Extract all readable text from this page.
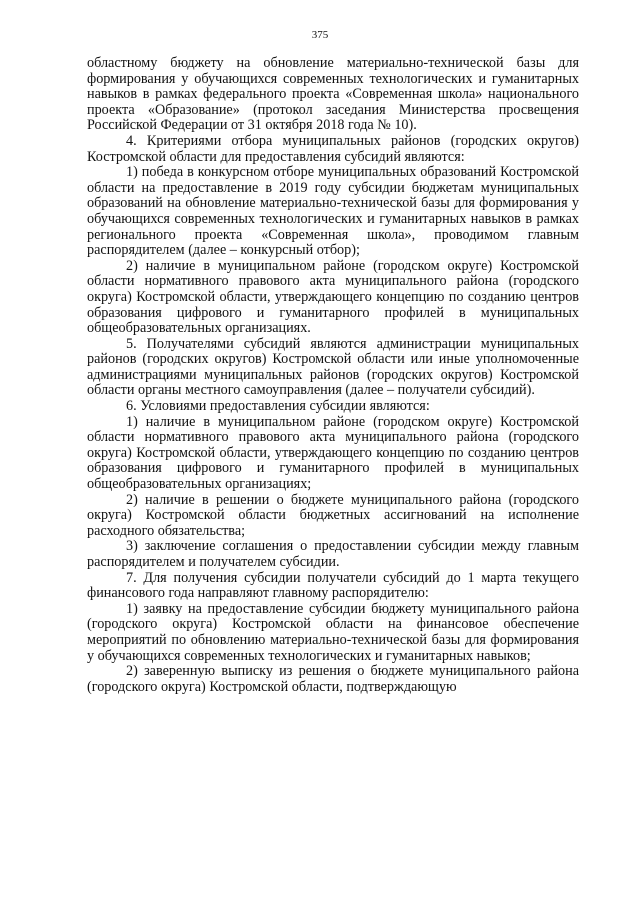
375

областному бюджету на обновление материально-технической базы для формирования у обучающихся современных технологических и гуманитарных навыков в рамках федерального проекта «Современная школа» национального проекта «Образование» (протокол заседания Министерства просвещения Российской Федерации от 31 октября 2018 года № 10).

4. Критериями отбора муниципальных районов (городских округов) Костромской области для предоставления субсидий являются:

1) победа в конкурсном отборе муниципальных образований Костромской области на предоставление в 2019 году субсидии бюджетам муниципальных образований на обновление материально-технической базы для формирования у обучающихся современных технологических и гуманитарных навыков в рамках регионального проекта «Современная школа», проводимом главным распорядителем (далее – конкурсный отбор);

2) наличие в муниципальном районе (городском округе) Костромской области нормативного правового акта муниципального района (городского округа) Костромской области, утверждающего концепцию по созданию центров образования цифрового и гуманитарного профилей в муниципальных общеобразовательных организациях.

5. Получателями субсидий являются администрации муниципальных районов (городских округов) Костромской области или иные уполномоченные администрациями муниципальных районов (городских округов) Костромской области органы местного самоуправления (далее – получатели субсидий).

6. Условиями предоставления субсидии являются:

1) наличие в муниципальном районе (городском округе) Костромской области нормативного правового акта муниципального района (городского округа) Костромской области, утверждающего концепцию по созданию центров образования цифрового и гуманитарного профилей в муниципальных общеобразовательных организациях;

2) наличие в решении о бюджете муниципального района (городского округа) Костромской области бюджетных ассигнований на исполнение расходного обязательства;

3) заключение соглашения о предоставлении субсидии между главным распорядителем и получателем субсидии.

7. Для получения субсидии получатели субсидий до 1 марта текущего финансового года направляют главному распорядителю:

1) заявку на предоставление субсидии бюджету муниципального района (городского округа) Костромской области на финансовое обеспечение мероприятий по обновлению материально-технической базы для формирования у обучающихся современных технологических и гуманитарных навыков;

2) заверенную выписку из решения о бюджете муниципального района (городского округа) Костромской области, подтверждающую
